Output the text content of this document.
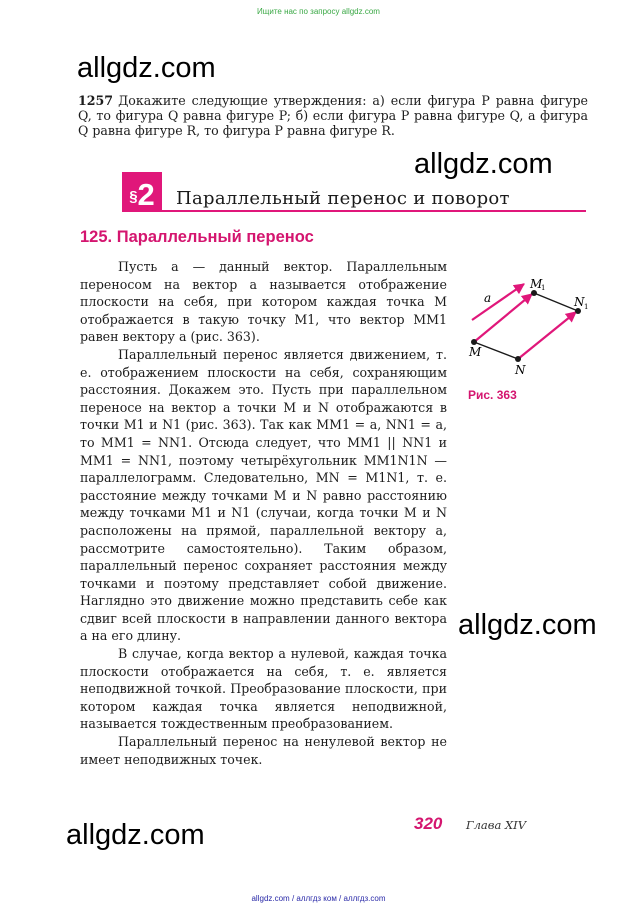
Ищите нас по запросу allgdz.com
allgdz.com
1257 Докажите следующие утверждения: а) если фигура P равна фигуре Q, то фигура Q равна фигуре P; б) если фигура P равна фигуре Q, а фигура Q равна фигуре R, то фигура P равна фигуре R.
allgdz.com
§ 2 Параллельный перенос и поворот
125. Параллельный перенос

Пусть a — данный вектор. Параллельным переносом на вектор a называется отображение плоскости на себя, при котором каждая точка M отображается в такую точку M1, что вектор MM1 равен вектору a (рис. 363).

Параллельный перенос является движением, т. е. отображением плоскости на себя, сохраняющим расстояния. Докажем это. Пусть при параллельном переносе на вектор a точки M и N отображаются в точки M1 и N1 (рис. 363). Так как MM1 = a, NN1 = a, то MM1 = NN1. Отсюда следует, что MM1 || NN1 и MM1 = NN1, поэтому четырёхугольник MM1N1N — параллелограмм. Следовательно, MN = M1N1, т. е. расстояние между точками M и N равно расстоянию между точками M1 и N1 (случаи, когда точки M и N расположены на прямой, параллельной вектору a, рассмотрите самостоятельно). Таким образом, параллельный перенос сохраняет расстояния между точками и поэтому представляет собой движение. Наглядно это движение можно представить себе как сдвиг всей плоскости в направлении данного вектора a на его длину.

В случае, когда вектор a нулевой, каждая точка плоскости отображается на себя, т. е. является неподвижной точкой. Преобразование плоскости, при котором каждая точка является неподвижной, называется тождественным преобразованием.

Параллельный перенос на ненулевой вектор не имеет неподвижных точек.

a
M
N
M
1
N 1
Рис. 363
allgdz.com
allgdz.com	320 Глава XIV
allgdz.com / аллгдз ком / аллгдз.com
